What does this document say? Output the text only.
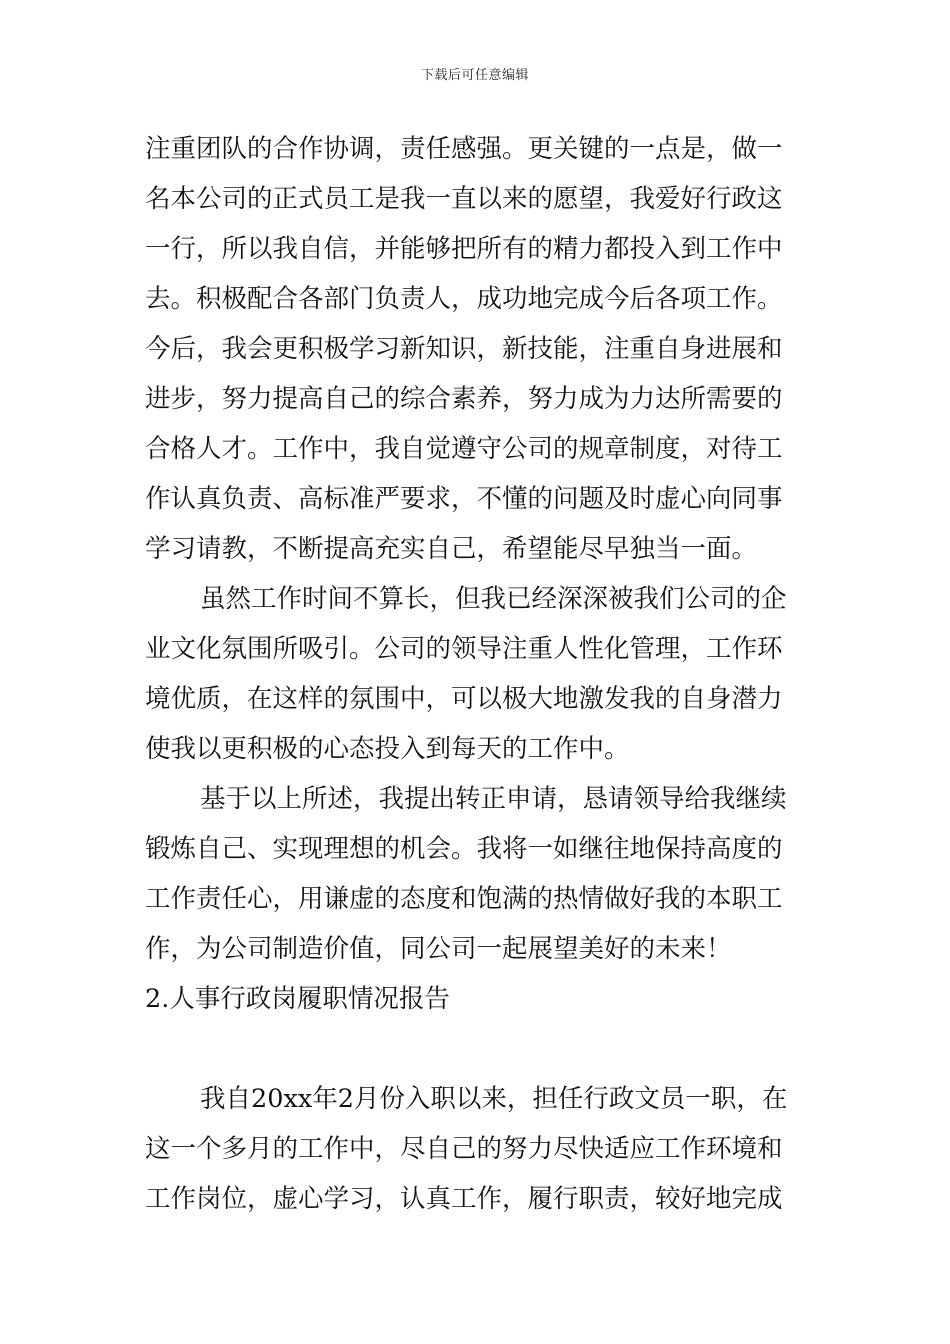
下载后可任意编辑
注重团队的合作协调，责任感强。更关键的一点是，做一
名本公司的正式员工是我一直以来的愿望，我爱好行政这
一行，所以我自信，并能够把所有的精力都投入到工作中
去。积极配合各部门负责人，成功地完成今后各项工作。
今后，我会更积极学习新知识，新技能，注重自身进展和
进步，努力提高自己的综合素养，努力成为力达所需要的
合格人才。工作中，我自觉遵守公司的规章制度，对待工
作认真负责、高标准严要求，不懂的问题及时虚心向同事
学习请教，不断提高充实自己，希望能尽早独当一面。
虽然工作时间不算长，但我已经深深被我们公司的企
业文化氛围所吸引。公司的领导注重人性化管理，工作环
境优质，在这样的氛围中，可以极大地激发我的自身潜力
使我以更积极的心态投入到每天的工作中。
基于以上所述，我提出转正申请，恳请领导给我继续
锻炼自己、实现理想的机会。我将一如继往地保持高度的
工作责任心，用谦虚的态度和饱满的热情做好我的本职工
作，为公司制造价值，同公司一起展望美好的未来！
2.人事行政岗履职情况报告
我自20xx年2月份入职以来，担任行政文员一职，在
这一个多月的工作中，尽自己的努力尽快适应工作环境和
工作岗位，虚心学习，认真工作，履行职责，较好地完成
